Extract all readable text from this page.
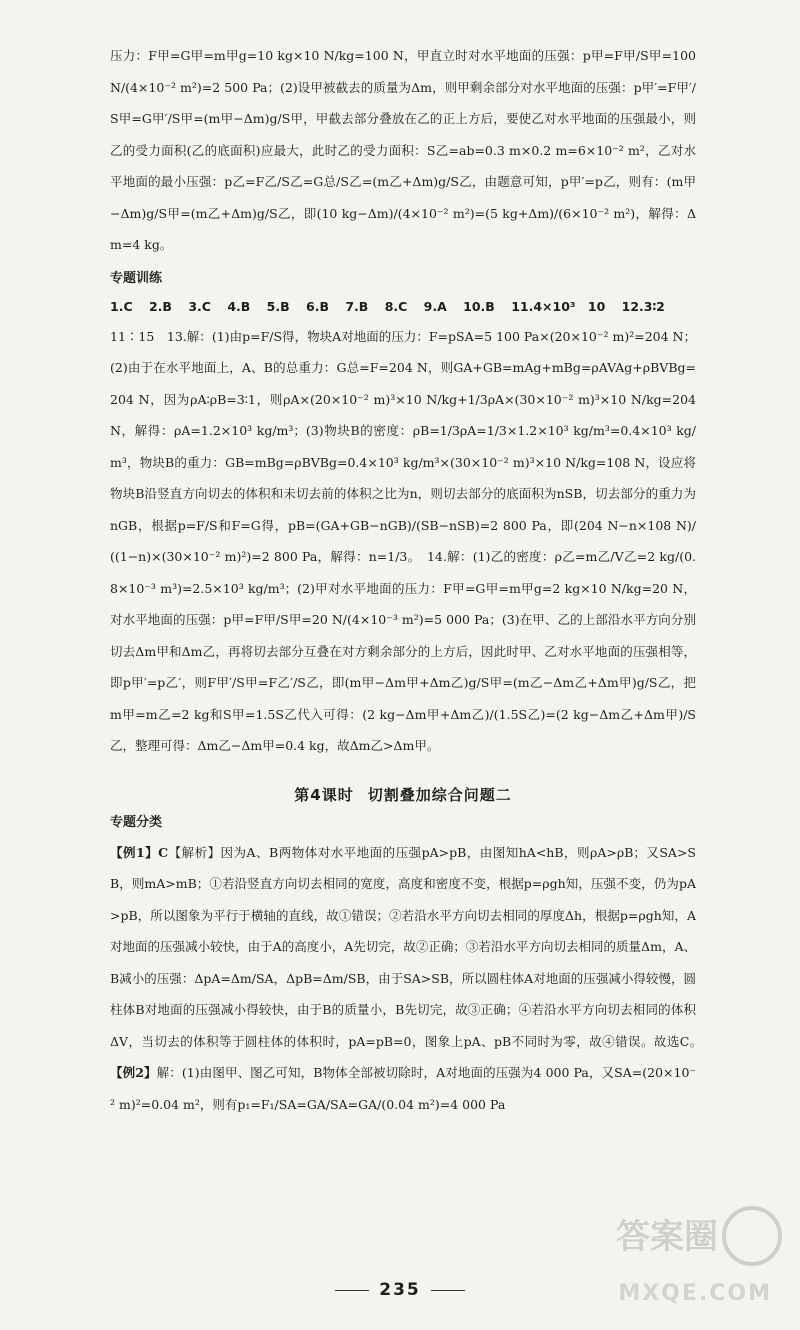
压力：F甲=G甲=m甲g=10 kg×10 N/kg=100 N，甲直立时对水平地面的压强：p甲=F甲/S甲=100 N/(4×10⁻² m²)=2 500 Pa；(2)设甲被截去的质量为Δm，则甲剩余部分对水平地面的压强：p甲′=F甲′/S甲=G甲′/S甲=(m甲−Δm)g/S甲，甲截去部分叠放在乙的正上方后，要使乙对水平地面的压强最小，则乙的受力面积(乙的底面积)应最大，此时乙的受力面积：S乙=ab=0.3 m×0.2 m=6×10⁻² m²，乙对水平地面的最小压强：p乙=F乙/S乙=G总/S乙=(m乙+Δm)g/S乙，由题意可知，p甲′=p乙，则有：(m甲−Δm)g/S甲=(m乙+Δm)g/S乙，即(10 kg−Δm)/(4×10⁻² m²)=(5 kg+Δm)/(6×10⁻² m²)，解得：Δm=4 kg。

专题训练
1.C 2.B 3.C 4.B 5.B 6.B 7.B 8.C 9.A 10.B 11.4×10³　10 12.3∶2

11∶15　13.解：(1)由p=F/S得，物块A对地面的压力：F=pSA=5 100 Pa×(20×10⁻² m)²=204 N；(2)由于在水平地面上，A、B的总重力：G总=F=204 N，则GA+GB=mAg+mBg=ρAVAg+ρBVBg=204 N，因为ρA∶ρB=3∶1，则ρA×(20×10⁻² m)³×10 N/kg+1/3ρA×(30×10⁻² m)³×10 N/kg=204 N，解得：ρA=1.2×10³ kg/m³；(3)物块B的密度：ρB=1/3ρA=1/3×1.2×10³ kg/m³=0.4×10³ kg/m³，物块B的重力：GB=mBg=ρBVBg=0.4×10³ kg/m³×(30×10⁻² m)³×10 N/kg=108 N，设应将物块B沿竖直方向切去的体积和未切去前的体积之比为n，则切去部分的底面积为nSB，切去部分的重力为nGB，根据p=F/S和F=G得，pB=(GA+GB−nGB)/(SB−nSB)=2 800 Pa，即(204 N−n×108 N)/((1−n)×(30×10⁻² m)²)=2 800 Pa，解得：n=1/3。　14.解：(1)乙的密度：ρ乙=m乙/V乙=2 kg/(0.8×10⁻³ m³)=2.5×10³ kg/m³；(2)甲对水平地面的压力：F甲=G甲=m甲g=2 kg×10 N/kg=20 N，对水平地面的压强：p甲=F甲/S甲=20 N/(4×10⁻³ m²)=5 000 Pa；(3)在甲、乙的上部沿水平方向分别切去Δm甲和Δm乙，再将切去部分互叠在对方剩余部分的上方后，因此时甲、乙对水平地面的压强相等，即p甲′=p乙′，则F甲′/S甲=F乙′/S乙，即(m甲−Δm甲+Δm乙)g/S甲=(m乙−Δm乙+Δm甲)g/S乙，把m甲=m乙=2 kg和S甲=1.5S乙代入可得：(2 kg−Δm甲+Δm乙)/(1.5S乙)=(2 kg−Δm乙+Δm甲)/S乙，整理可得：Δm乙−Δm甲=0.4 kg，故Δm乙>Δm甲。

第4课时 切割叠加综合问题二
专题分类

【例1】C【解析】因为A、B两物体对水平地面的压强pA>pB，由图知hA<hB，则ρA>ρB；又SA>SB，则mA>mB；①若沿竖直方向切去相同的宽度，高度和密度不变，根据p=ρgh知，压强不变，仍为pA>pB，所以图象为平行于横轴的直线，故①错误；②若沿水平方向切去相同的厚度Δh，根据p=ρgh知，A对地面的压强减小较快，由于A的高度小，A先切完，故②正确；③若沿水平方向切去相同的质量Δm，A、B减小的压强：ΔpA=Δm/SA，ΔpB=Δm/SB，由于SA>SB，所以圆柱体A对地面的压强减小得较慢，圆柱体B对地面的压强减小得较快，由于B的质量小，B先切完，故③正确；④若沿水平方向切去相同的体积ΔV，当切去的体积等于圆柱体的体积时，pA=pB=0，图象上pA、pB不同时为零，故④错误。故选C。　【例2】解：(1)由图甲、图乙可知，B物体全部被切除时，A对地面的压强为4 000 Pa，又SA=(20×10⁻² m)²=0.04 m²，则有p₁=F₁/SA=GA/SA=GA/(0.04 m²)=4 000 Pa

235
答案圈
MXQE.COM
